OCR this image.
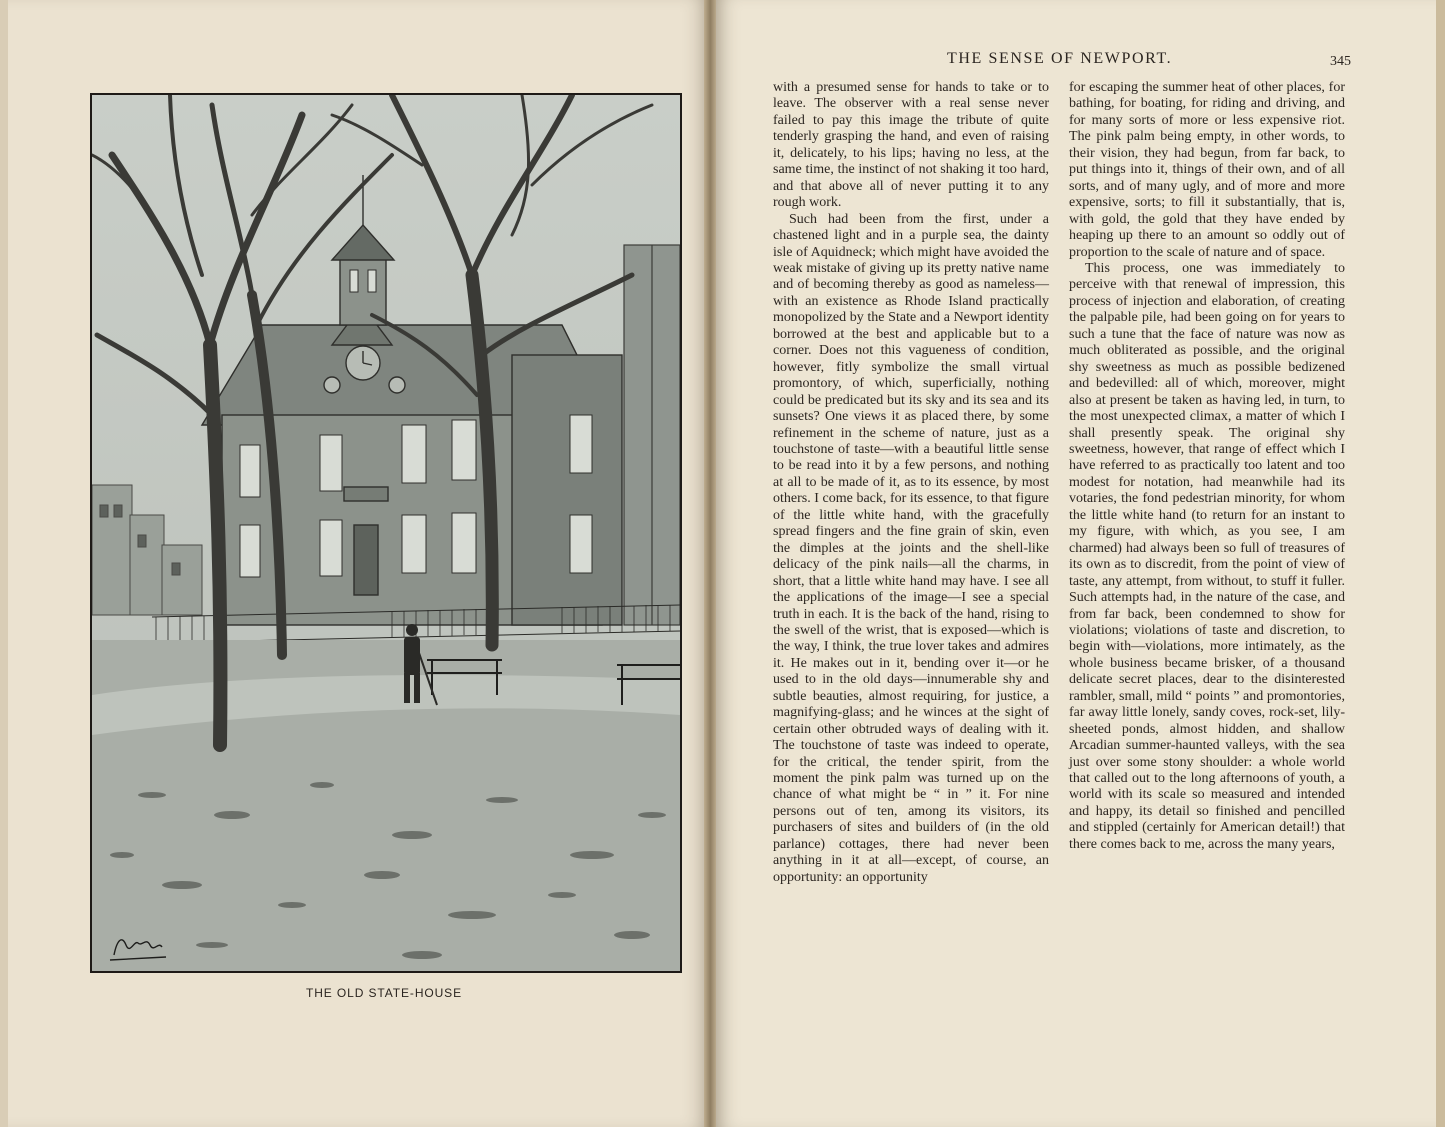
THE OLD STATE-HOUSE
THE SENSE OF NEWPORT.	345

with a presumed sense for hands to take or to leave. The observer with a real sense never failed to pay this image the tribute of quite tenderly grasping the hand, and even of raising it, delicately, to his lips; having no less, at the same time, the instinct of not shaking it too hard, and that above all of never putting it to any rough work.

Such had been from the first, under a chastened light and in a purple sea, the dainty isle of Aquidneck; which might have avoided the weak mistake of giving up its pretty native name and of becoming thereby as good as nameless—with an existence as Rhode Island practically monopolized by the State and a Newport identity borrowed at the best and applicable but to a corner. Does not this vagueness of condition, however, fitly symbolize the small virtual promontory, of which, superficially, nothing could be predicated but its sky and its sea and its sunsets? One views it as placed there, by some refinement in the scheme of nature, just as a touchstone of taste—with a beautiful little sense to be read into it by a few persons, and nothing at all to be made of it, as to its essence, by most others. I come back, for its essence, to that figure of the little white hand, with the gracefully spread fingers and the fine grain of skin, even the dimples at the joints and the shell-like delicacy of the pink nails—all the charms, in short, that a little white hand may have. I see all the applications of the image—I see a special truth in each. It is the back of the hand, rising to the swell of the wrist, that is exposed—which is the way, I think, the true lover takes and admires it. He makes out in it, bending over it—or he used to in the old days—innumerable shy and subtle beauties, almost requiring, for justice, a magnifying-glass; and he winces at the sight of certain other obtruded ways of dealing with it. The touchstone of taste was indeed to operate, for the critical, the tender spirit, from the moment the pink palm was turned up on the chance of what might be “ in ” it. For nine persons out of ten, among its visitors, its purchasers of sites and builders of (in the old parlance) cottages, there had never been anything in it at all—except, of course, an opportunity: an opportunity

for escaping the summer heat of other places, for bathing, for boating, for riding and driving, and for many sorts of more or less expensive riot. The pink palm being empty, in other words, to their vision, they had begun, from far back, to put things into it, things of their own, and of all sorts, and of many ugly, and of more and more expensive, sorts; to fill it substantially, that is, with gold, the gold that they have ended by heaping up there to an amount so oddly out of proportion to the scale of nature and of space.

This process, one was immediately to perceive with that renewal of impression, this process of injection and elaboration, of creating the palpable pile, had been going on for years to such a tune that the face of nature was now as much obliterated as possible, and the original shy sweetness as much as possible bedizened and bedevilled: all of which, moreover, might also at present be taken as having led, in turn, to the most unexpected climax, a matter of which I shall presently speak. The original shy sweetness, however, that range of effect which I have referred to as practically too latent and too modest for notation, had meanwhile had its votaries, the fond pedestrian minority, for whom the little white hand (to return for an instant to my figure, with which, as you see, I am charmed) had always been so full of treasures of its own as to discredit, from the point of view of taste, any attempt, from without, to stuff it fuller. Such attempts had, in the nature of the case, and from far back, been condemned to show for violations; violations of taste and discretion, to begin with—violations, more intimately, as the whole business became brisker, of a thousand delicate secret places, dear to the disinterested rambler, small, mild “ points ” and promontories, far away little lonely, sandy coves, rock-set, lily-sheeted ponds, almost hidden, and shallow Arcadian summer-haunted valleys, with the sea just over some stony shoulder: a whole world that called out to the long afternoons of youth, a world with its scale so measured and intended and happy, its detail so finished and pencilled and stippled (certainly for American detail!) that there comes back to me, across the many years,
